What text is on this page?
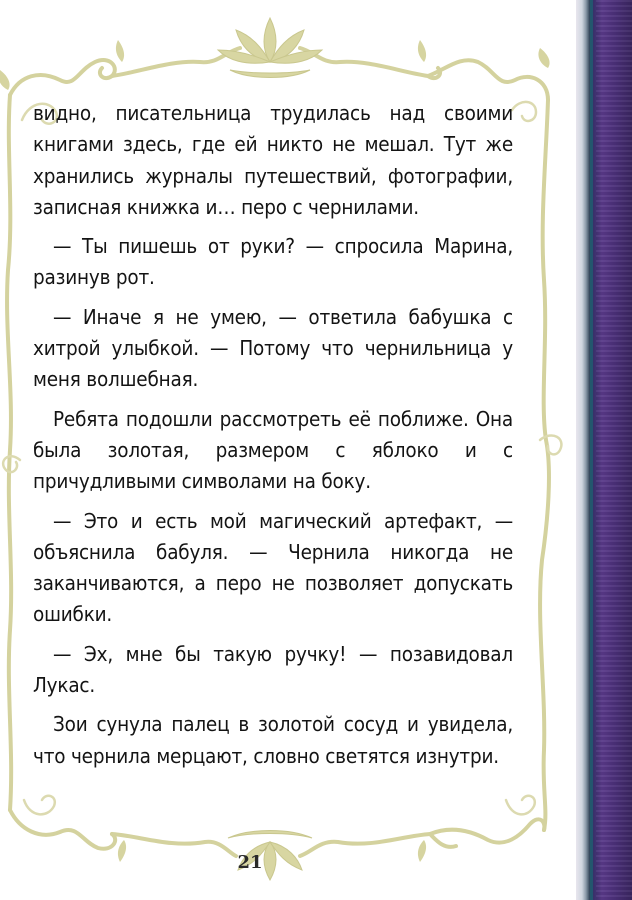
видно, писательница трудилась над своими книгами здесь, где ей никто не мешал. Тут же хранились журналы путешествий, фотографии, записная книжка и… перо с чернилами.

— Ты пишешь от руки? — спросила Марина, разинув рот.

— Иначе я не умею, — ответила бабушка с хитрой улыбкой. — Потому что чернильница у меня волшебная.

Ребята подошли рассмотреть её поближе. Она была золотая, размером с яблоко и с причудливыми символами на боку.

— Это и есть мой магический артефакт, — объяснила бабуля. — Чернила никогда не заканчиваются, а перо не позволяет допускать ошибки.

— Эх, мне бы такую ручку! — позавидовал Лукас.

Зои сунула палец в золотой сосуд и увидела, что чернила мерцают, словно светятся изнутри.

21
